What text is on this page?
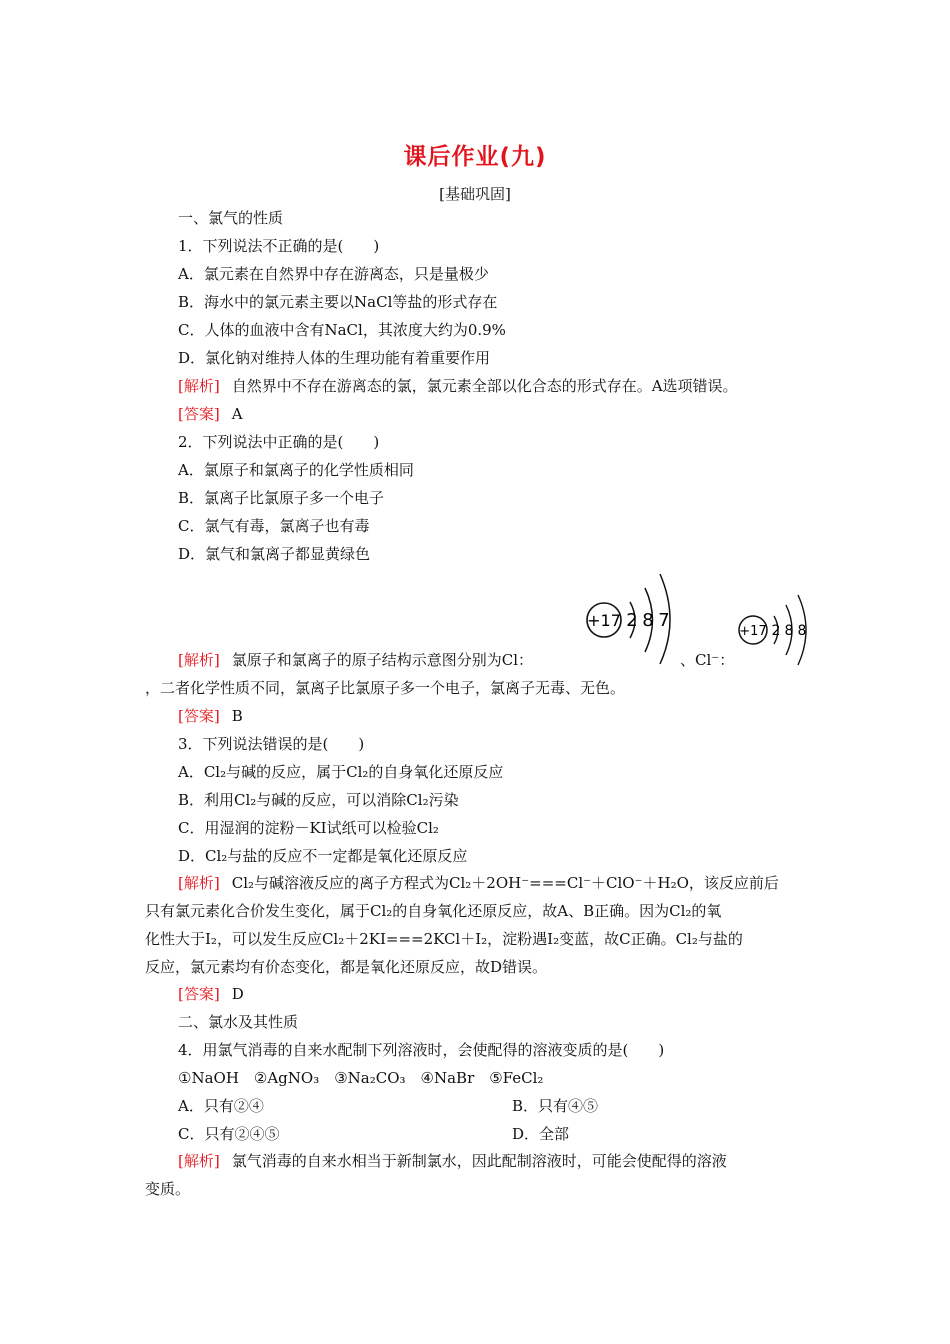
课后作业(九)
[基础巩固]
一、氯气的性质
1．下列说法不正确的是(　　)
A．氯元素在自然界中存在游离态，只是量极少
B．海水中的氯元素主要以NaCl等盐的形式存在
C．人体的血液中含有NaCl，其浓度大约为0.9%
D．氯化钠对维持人体的生理功能有着重要作用
[解析] 自然界中不存在游离态的氯，氯元素全部以化合态的形式存在。A选项错误。
[答案] A
2．下列说法中正确的是(　　)
A．氯原子和氯离子的化学性质相同
B．氯离子比氯原子多一个电子
C．氯气有毒，氯离子也有毒
D．氯气和氯离子都显黄绿色
+17 2 8 7
+17 2 8 8
[解析] 氯原子和氯离子的原子结构示意图分别为Cl：	、Cl⁻：
，二者化学性质不同，氯离子比氯原子多一个电子，氯离子无毒、无色。
[答案] B
3．下列说法错误的是(　　)
A．Cl₂与碱的反应，属于Cl₂的自身氧化还原反应
B．利用Cl₂与碱的反应，可以消除Cl₂污染
C．用湿润的淀粉－KI试纸可以检验Cl₂
D．Cl₂与盐的反应不一定都是氧化还原反应
[解析] Cl₂与碱溶液反应的离子方程式为Cl₂＋2OH⁻===Cl⁻＋ClO⁻＋H₂O，该反应前后
只有氯元素化合价发生变化，属于Cl₂的自身氧化还原反应，故A、B正确。因为Cl₂的氧
化性大于I₂，可以发生反应Cl₂＋2KI===2KCl＋I₂，淀粉遇I₂变蓝，故C正确。Cl₂与盐的
反应，氯元素均有价态变化，都是氧化还原反应，故D错误。
[答案] D
二、氯水及其性质
4．用氯气消毒的自来水配制下列溶液时，会使配得的溶液变质的是(　　)
①NaOH　②AgNO₃　③Na₂CO₃　④NaBr　⑤FeCl₂
A．只有②④	B．只有④⑤
C．只有②④⑤	D．全部
[解析] 氯气消毒的自来水相当于新制氯水，因此配制溶液时，可能会使配得的溶液
变质。
